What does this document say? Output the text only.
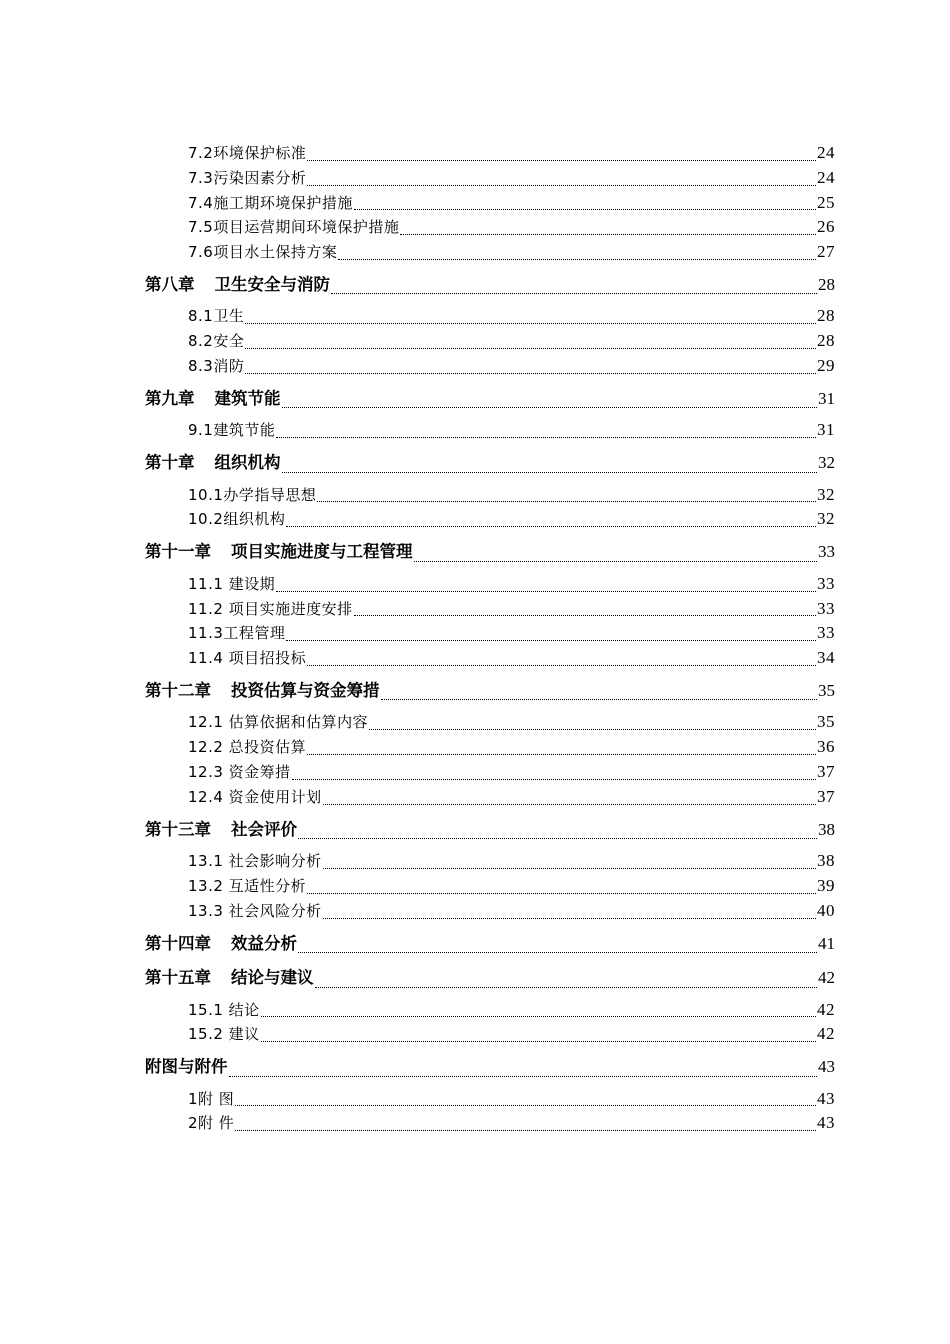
7.2环境保护标准	24
7.3污染因素分析	24
7.4施工期环境保护措施	25
7.5项目运营期间环境保护措施	26
7.6项目水土保持方案	27
第八章 卫生安全与消防	28
8.1卫生	28
8.2安全	28
8.3消防	29
第九章 建筑节能	31
9.1建筑节能	31
第十章 组织机构	32
10.1办学指导思想	32
10.2组织机构	32
第十一章 项目实施进度与工程管理	33
11.1 建设期	33
11.2 项目实施进度安排	33
11.3工程管理	33
11.4 项目招投标	34
第十二章 投资估算与资金筹措	35
12.1 估算依据和估算内容	35
12.2 总投资估算	36
12.3 资金筹措	37
12.4 资金使用计划	37
第十三章 社会评价	38
13.1 社会影响分析	38
13.2 互适性分析	39
13.3 社会风险分析	40
第十四章 效益分析	41
第十五章 结论与建议	42
15.1 结论	42
15.2 建议	42
附图与附件	43
1附 图	43
2附 件	43
